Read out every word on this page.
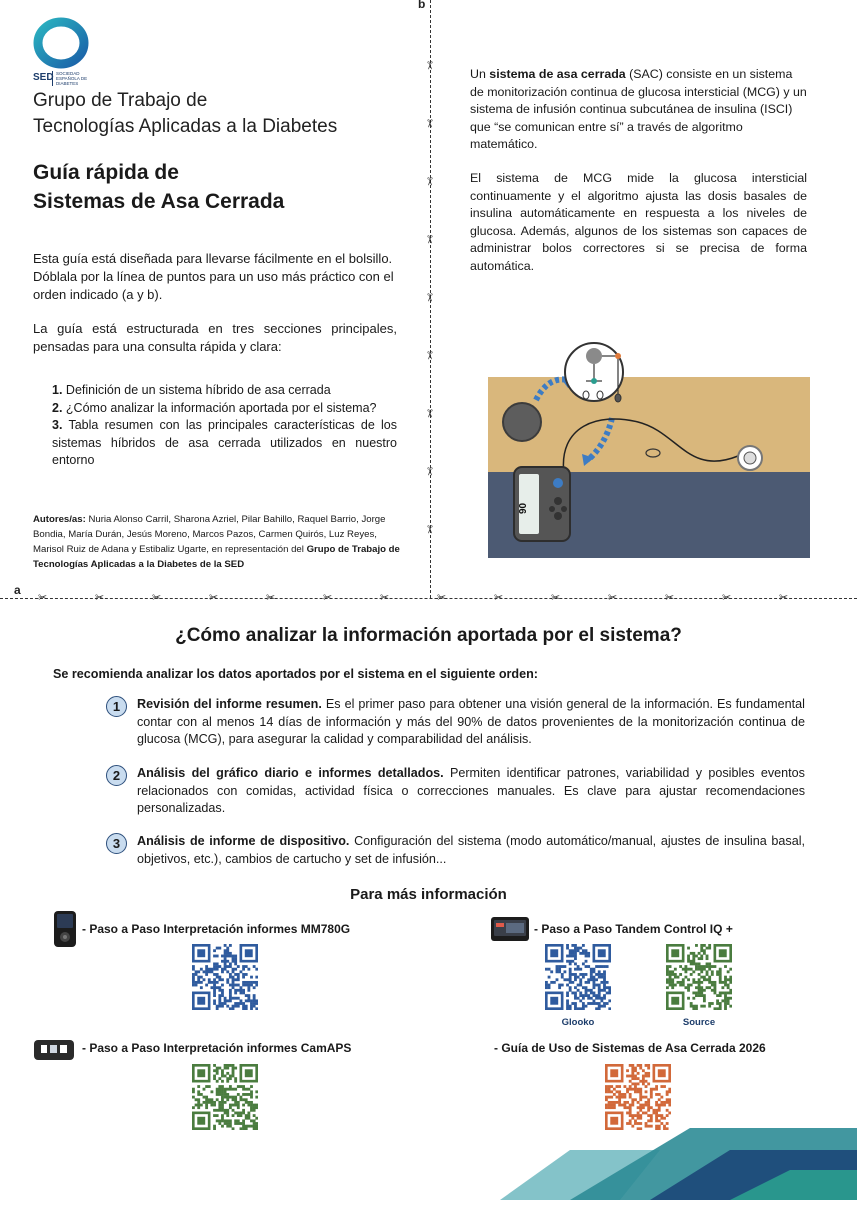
b
a
✂
✂
✂
✂
✂
✂
✂
✂
✂
✂	✂	✂	✂	✂	✂	✂	✂	✂	✂	✂	✂	✂	✂
SED SOCIEDAD ESPAÑOLA DE DIABETES
Grupo de Trabajo de
Tecnologías Aplicadas a la Diabetes
Guía rápida de
Sistemas de Asa Cerrada
Esta guía está diseñada para llevarse fácilmente en el bolsillo. Dóblala por la línea de puntos para un uso más práctico con el orden indicado (a y b).
La guía está estructurada en tres secciones principales, pensadas para una consulta rápida y clara:

1. Definición de un sistema híbrido de asa cerrada

2. ¿Cómo analizar la información aportada por el sistema?

3. Tabla resumen con las principales características de los sistemas híbridos de asa cerrada utilizados en nuestro entorno

Autores/as: Nuria Alonso Carril, Sharona Azriel, Pilar Bahillo, Raquel Barrio, Jorge Bondia, María Durán, Jesús Moreno, Marcos Pazos, Carmen Quirós, Luz Reyes, Marisol Ruiz de Adana y Estibaliz Ugarte, en representación del Grupo de Trabajo de Tecnologías Aplicadas a la Diabetes de la SED
Un sistema de asa cerrada (SAC) consiste en un sistema de monitorización continua de glucosa intersticial (MCG) y un sistema de infusión continua subcutánea de insulina (ISCI) que “se comunican entre sí” a través de algoritmo matemático.
El sistema de MCG mide la glucosa intersticial continuamente y el algoritmo ajusta las dosis basales de insulina automáticamente en respuesta a los niveles de glucosa. Además, algunos de los sistemas son capaces de administrar bolos correctores si se precisa de forma automática.
90
¿Cómo analizar la información aportada por el sistema?
Se recomienda analizar los datos aportados por el sistema en el siguiente orden:
1	Revisión del informe resumen. Es el primer paso para obtener una visión general de la información. Es fundamental contar con al menos 14 días de información y más del 90% de datos provenientes de la monitorización continua de glucosa (MCG), para asegurar la calidad y comparabilidad del análisis.
2	Análisis del gráfico diario e informes detallados. Permiten identificar patrones, variabilidad y posibles eventos relacionados con comidas, actividad física o correcciones manuales. Es clave para ajustar recomendaciones personalizadas.
3	Análisis de informe de dispositivo. Configuración del sistema (modo automático/manual, ajustes de insulina basal, objetivos, etc.), cambios de cartucho y set de infusión...
Para más información
- Paso a Paso Interpretación informes MM780G	- Paso a Paso Tandem Control IQ +
Glooko	Source
- Paso a Paso Interpretación informes CamAPS	- Guía de Uso de Sistemas de Asa Cerrada 2026
